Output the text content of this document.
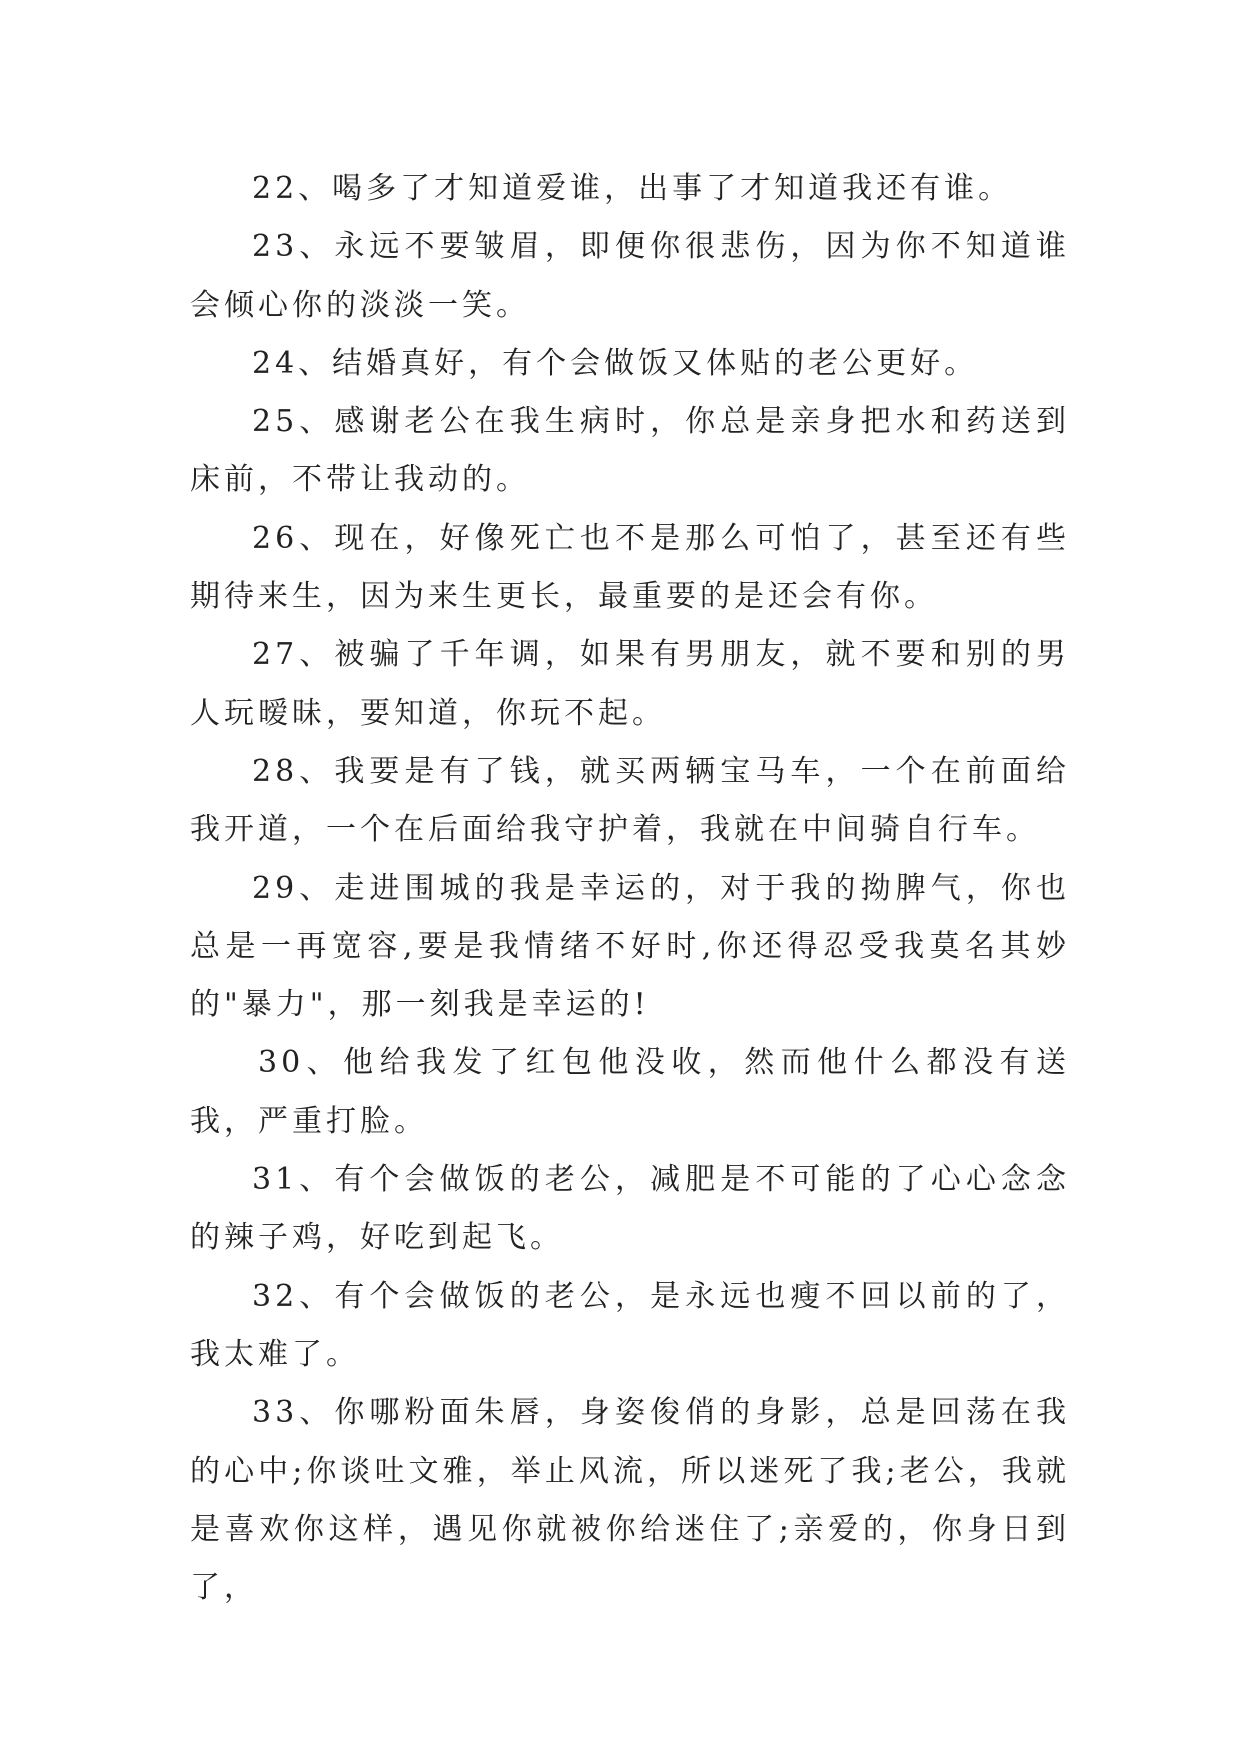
22、喝多了才知道爱谁，出事了才知道我还有谁。

23、永远不要皱眉，即便你很悲伤，因为你不知道谁会倾心你的淡淡一笑。

24、结婚真好，有个会做饭又体贴的老公更好。

25、感谢老公在我生病时，你总是亲身把水和药送到床前，不带让我动的。

26、现在，好像死亡也不是那么可怕了，甚至还有些期待来生，因为来生更长，最重要的是还会有你。

27、被骗了千年调，如果有男朋友，就不要和别的男人玩暧昧，要知道，你玩不起。

28、我要是有了钱，就买两辆宝马车，一个在前面给我开道，一个在后面给我守护着，我就在中间骑自行车。

29、走进围城的我是幸运的，对于我的拗脾气，你也总是一再宽容,要是我情绪不好时,你还得忍受我莫名其妙的"暴力"，那一刻我是幸运的!

30、他给我发了红包他没收，然而他什么都没有送我，严重打脸。

31、有个会做饭的老公，减肥是不可能的了心心念念的辣子鸡，好吃到起飞。

32、有个会做饭的老公，是永远也瘦不回以前的了，我太难了。

33、你哪粉面朱唇，身姿俊俏的身影，总是回荡在我的心中;你谈吐文雅，举止风流，所以迷死了我;老公，我就是喜欢你这样，遇见你就被你给迷住了;亲爱的，你身日到了，
